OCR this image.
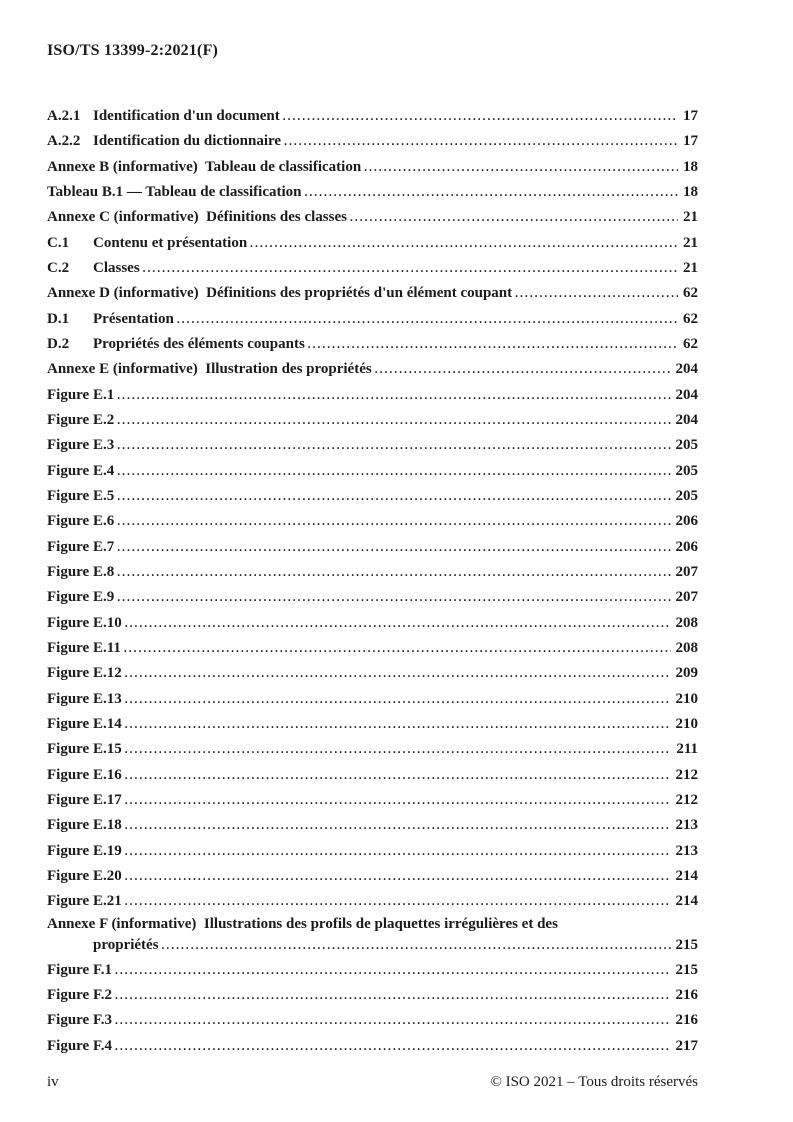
ISO/TS 13399-2:2021(F)
A.2.1 Identification d'un document .....	17
A.2.2 Identification du dictionnaire .....	17
Annexe B (informative)  Tableau de classification .....	18
Tableau B.1 — Tableau de classification .....	18
Annexe C (informative)  Définitions des classes .....	21
C.1	Contenu et présentation .....	21
C.2	Classes .....	21
Annexe D (informative)  Définitions des propriétés d'un élément coupant .....	62
D.1	Présentation .....	62
D.2	Propriétés des éléments coupants .....	62
Annexe E (informative)  Illustration des propriétés .....	204
Figure E.1 .....	204
Figure E.2 .....	204
Figure E.3 .....	205
Figure E.4 .....	205
Figure E.5 .....	205
Figure E.6 .....	206
Figure E.7 .....	206
Figure E.8 .....	207
Figure E.9 .....	207
Figure E.10 .....	208
Figure E.11 .....	208
Figure E.12 .....	209
Figure E.13 .....	210
Figure E.14 .....	210
Figure E.15 .....	211
Figure E.16 .....	212
Figure E.17 .....	212
Figure E.18 .....	213
Figure E.19 .....	213
Figure E.20 .....	214
Figure E.21 .....	214
Annexe F (informative)  Illustrations des profils de plaquettes irrégulières et des
propriétés .....	215
Figure F.1 .....	215
Figure F.2 .....	216
Figure F.3 .....	216
Figure F.4 .....	217
iv	© ISO 2021 – Tous droits réservés
